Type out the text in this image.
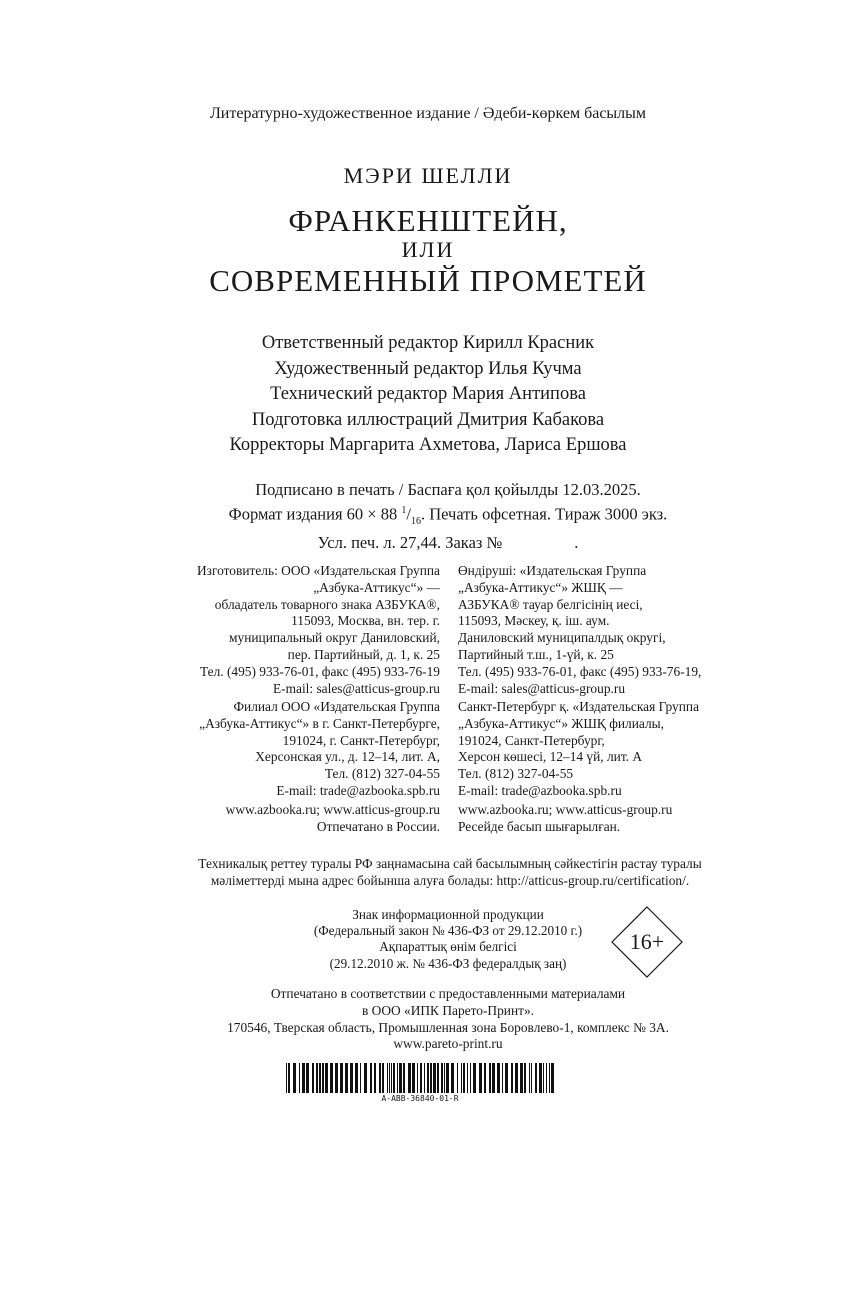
Литературно-художественное издание / Әдеби-көркем басылым
МЭРИ ШЕЛЛИ
ФРАНКЕНШТЕЙН,
ИЛИ
СОВРЕМЕННЫЙ ПРОМЕТЕЙ
Ответственный редактор Кирилл Красник
Художественный редактор Илья Кучма
Технический редактор Мария Антипова
Подготовка иллюстраций Дмитрия Кабакова
Корректоры Маргарита Ахметова, Лариса Ершова
Подписано в печать / Баспаға қол қойылды 12.03.2025.
Формат издания 60 × 88 $^1/_{16}$. Печать офсетная. Тираж 3000 экз.
Усл. печ. л. 27,44. Заказ №	.
Изготовитель: ООО «Издательская Группа
„Азбука-Аттикус“» —
обладатель товарного знака АЗБУКА®,
115093, Москва, вн. тер. г.
муниципальный округ Даниловский,
пер. Партийный, д. 1, к. 25
Тел. (495) 933-76-01, факс (495) 933-76-19
E-mail: sales@atticus-group.ru
Филиал ООО «Издательская Группа
„Азбука-Аттикус“» в г. Санкт-Петербурге,
191024, г. Санкт-Петербург,
Херсонская ул., д. 12–14, лит. А,
Тел. (812) 327-04-55
E-mail: trade@azbooka.spb.ru
www.azbooka.ru; www.atticus-group.ru
Отпечатано в России.
Өндіруші: «Издательская Группа
„Азбука-Аттикус“» ЖШҚ —
АЗБУКА® тауар белгісінің иесі,
115093, Мәскеу, қ. іш. аум.
Даниловский муниципалдық округі,
Партийный т.ш., 1-үй, к. 25
Тел. (495) 933-76-01, факс (495) 933-76-19,
E-mail: sales@atticus-group.ru
Санкт-Петербург қ. «Издательская Группа
„Азбука-Аттикус“» ЖШҚ филиалы,
191024, Санкт-Петербург,
Херсон көшесі, 12–14 үй, лит. А
Тел. (812) 327-04-55
E-mail: trade@azbooka.spb.ru
www.azbooka.ru; www.atticus-group.ru
Ресейде басып шығарылған.
Техникалық реттеу туралы РФ заңнамасына сай басылымның сәйкестігін растау туралы
мәліметтерді мына адрес бойынша алуға болады: http://atticus-group.ru/certification/.
Знак информационной продукции
(Федеральный закон № 436-ФЗ от 29.12.2010 г.)
Ақпараттық өнім белгісі
(29.12.2010 ж. № 436-ФЗ федералдық заң)
16+
Отпечатано в соответствии с предоставленными материалами
в ООО «ИПК Парето-Принт».
170546, Тверская область, Промышленная зона Боровлево-1, комплекс № 3А.
www.pareto-print.ru
A-ABB-36840-01-R
